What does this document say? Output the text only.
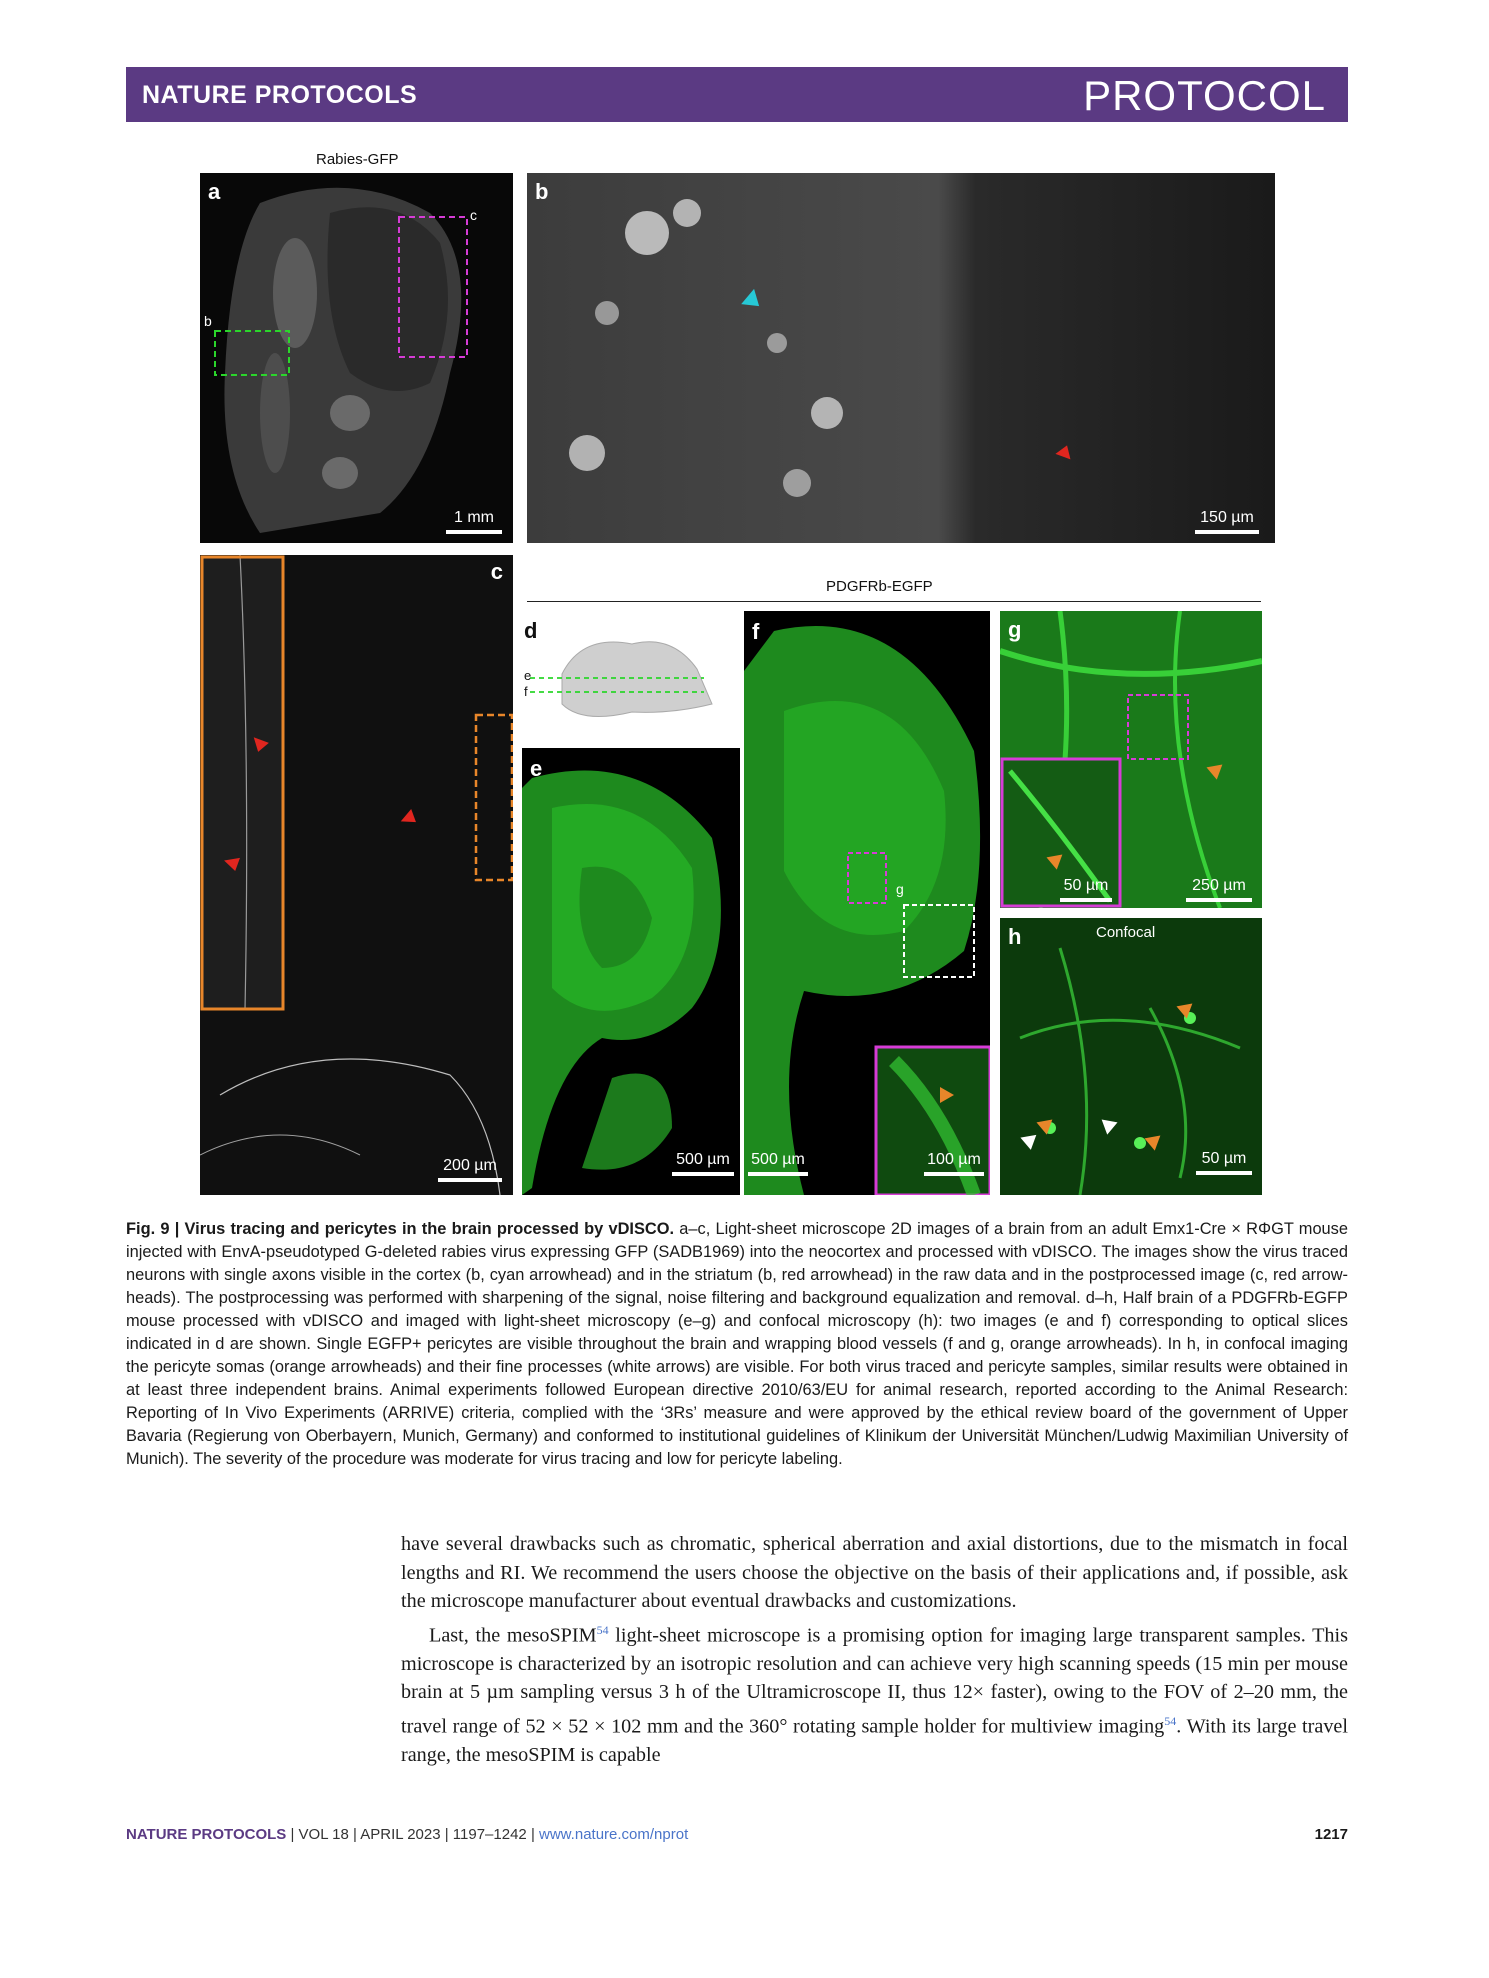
NATURE PROTOCOLS	PROTOCOL
Rabies-GFP
a
b
c
1 mm
b
150 µm
c
200 µm
PDGFRb-EGFP
d
e
f
e
500 µm
f
g
500 µm	100 µm
g
50 µm	250 µm
h	Confocal
50 µm
Fig. 9 | Virus tracing and pericytes in the brain processed by vDISCO. a–c, Light-sheet microscope 2D images of a brain from an adult Emx1-Cre × RΦGT mouse injected with EnvA-pseudotyped G-deleted rabies virus expressing GFP (SADB1969) into the neocortex and processed with vDISCO. The images show the virus traced neurons with single axons visible in the cortex (b, cyan arrowhead) and in the striatum (b, red arrowhead) in the raw data and in the postprocessed image (c, red arrow-heads). The postprocessing was performed with sharpening of the signal, noise filtering and background equalization and removal. d–h, Half brain of a PDGFRb-EGFP mouse processed with vDISCO and imaged with light-sheet microscopy (e–g) and confocal microscopy (h): two images (e and f) corresponding to optical slices indicated in d are shown. Single EGFP+ pericytes are visible throughout the brain and wrapping blood vessels (f and g, orange arrowheads). In h, in confocal imaging the pericyte somas (orange arrowheads) and their fine processes (white arrows) are visible. For both virus traced and pericyte samples, similar results were obtained in at least three independent brains. Animal experiments followed European directive 2010/63/EU for animal research, reported according to the Animal Research: Reporting of In Vivo Experiments (ARRIVE) criteria, complied with the ‘3Rs’ measure and were approved by the ethical review board of the government of Upper Bavaria (Regierung von Oberbayern, Munich, Germany) and conformed to institutional guidelines of Klinikum der Universität München/Ludwig Maximilian University of Munich). The severity of the procedure was moderate for virus tracing and low for pericyte labeling.

have several drawbacks such as chromatic, spherical aberration and axial distortions, due to the mismatch in focal lengths and RI. We recommend the users choose the objective on the basis of their applications and, if possible, ask the microscope manufacturer about eventual drawbacks and customizations.

Last, the mesoSPIM$^{54}$ light-sheet microscope is a promising option for imaging large transparent samples. This microscope is characterized by an isotropic resolution and can achieve very high scanning speeds (15 min per mouse brain at 5 µm sampling versus 3 h of the Ultramicroscope II, thus 12× faster), owing to the FOV of 2–20 mm, the travel range of 52 × 52 × 102 mm and the 360° rotating sample holder for multiview imaging$^{54}$. With its large travel range, the mesoSPIM is capable

NATURE PROTOCOLS | VOL 18 | APRIL 2023 | 1197–1242 | www.nature.com/nprot	1217
